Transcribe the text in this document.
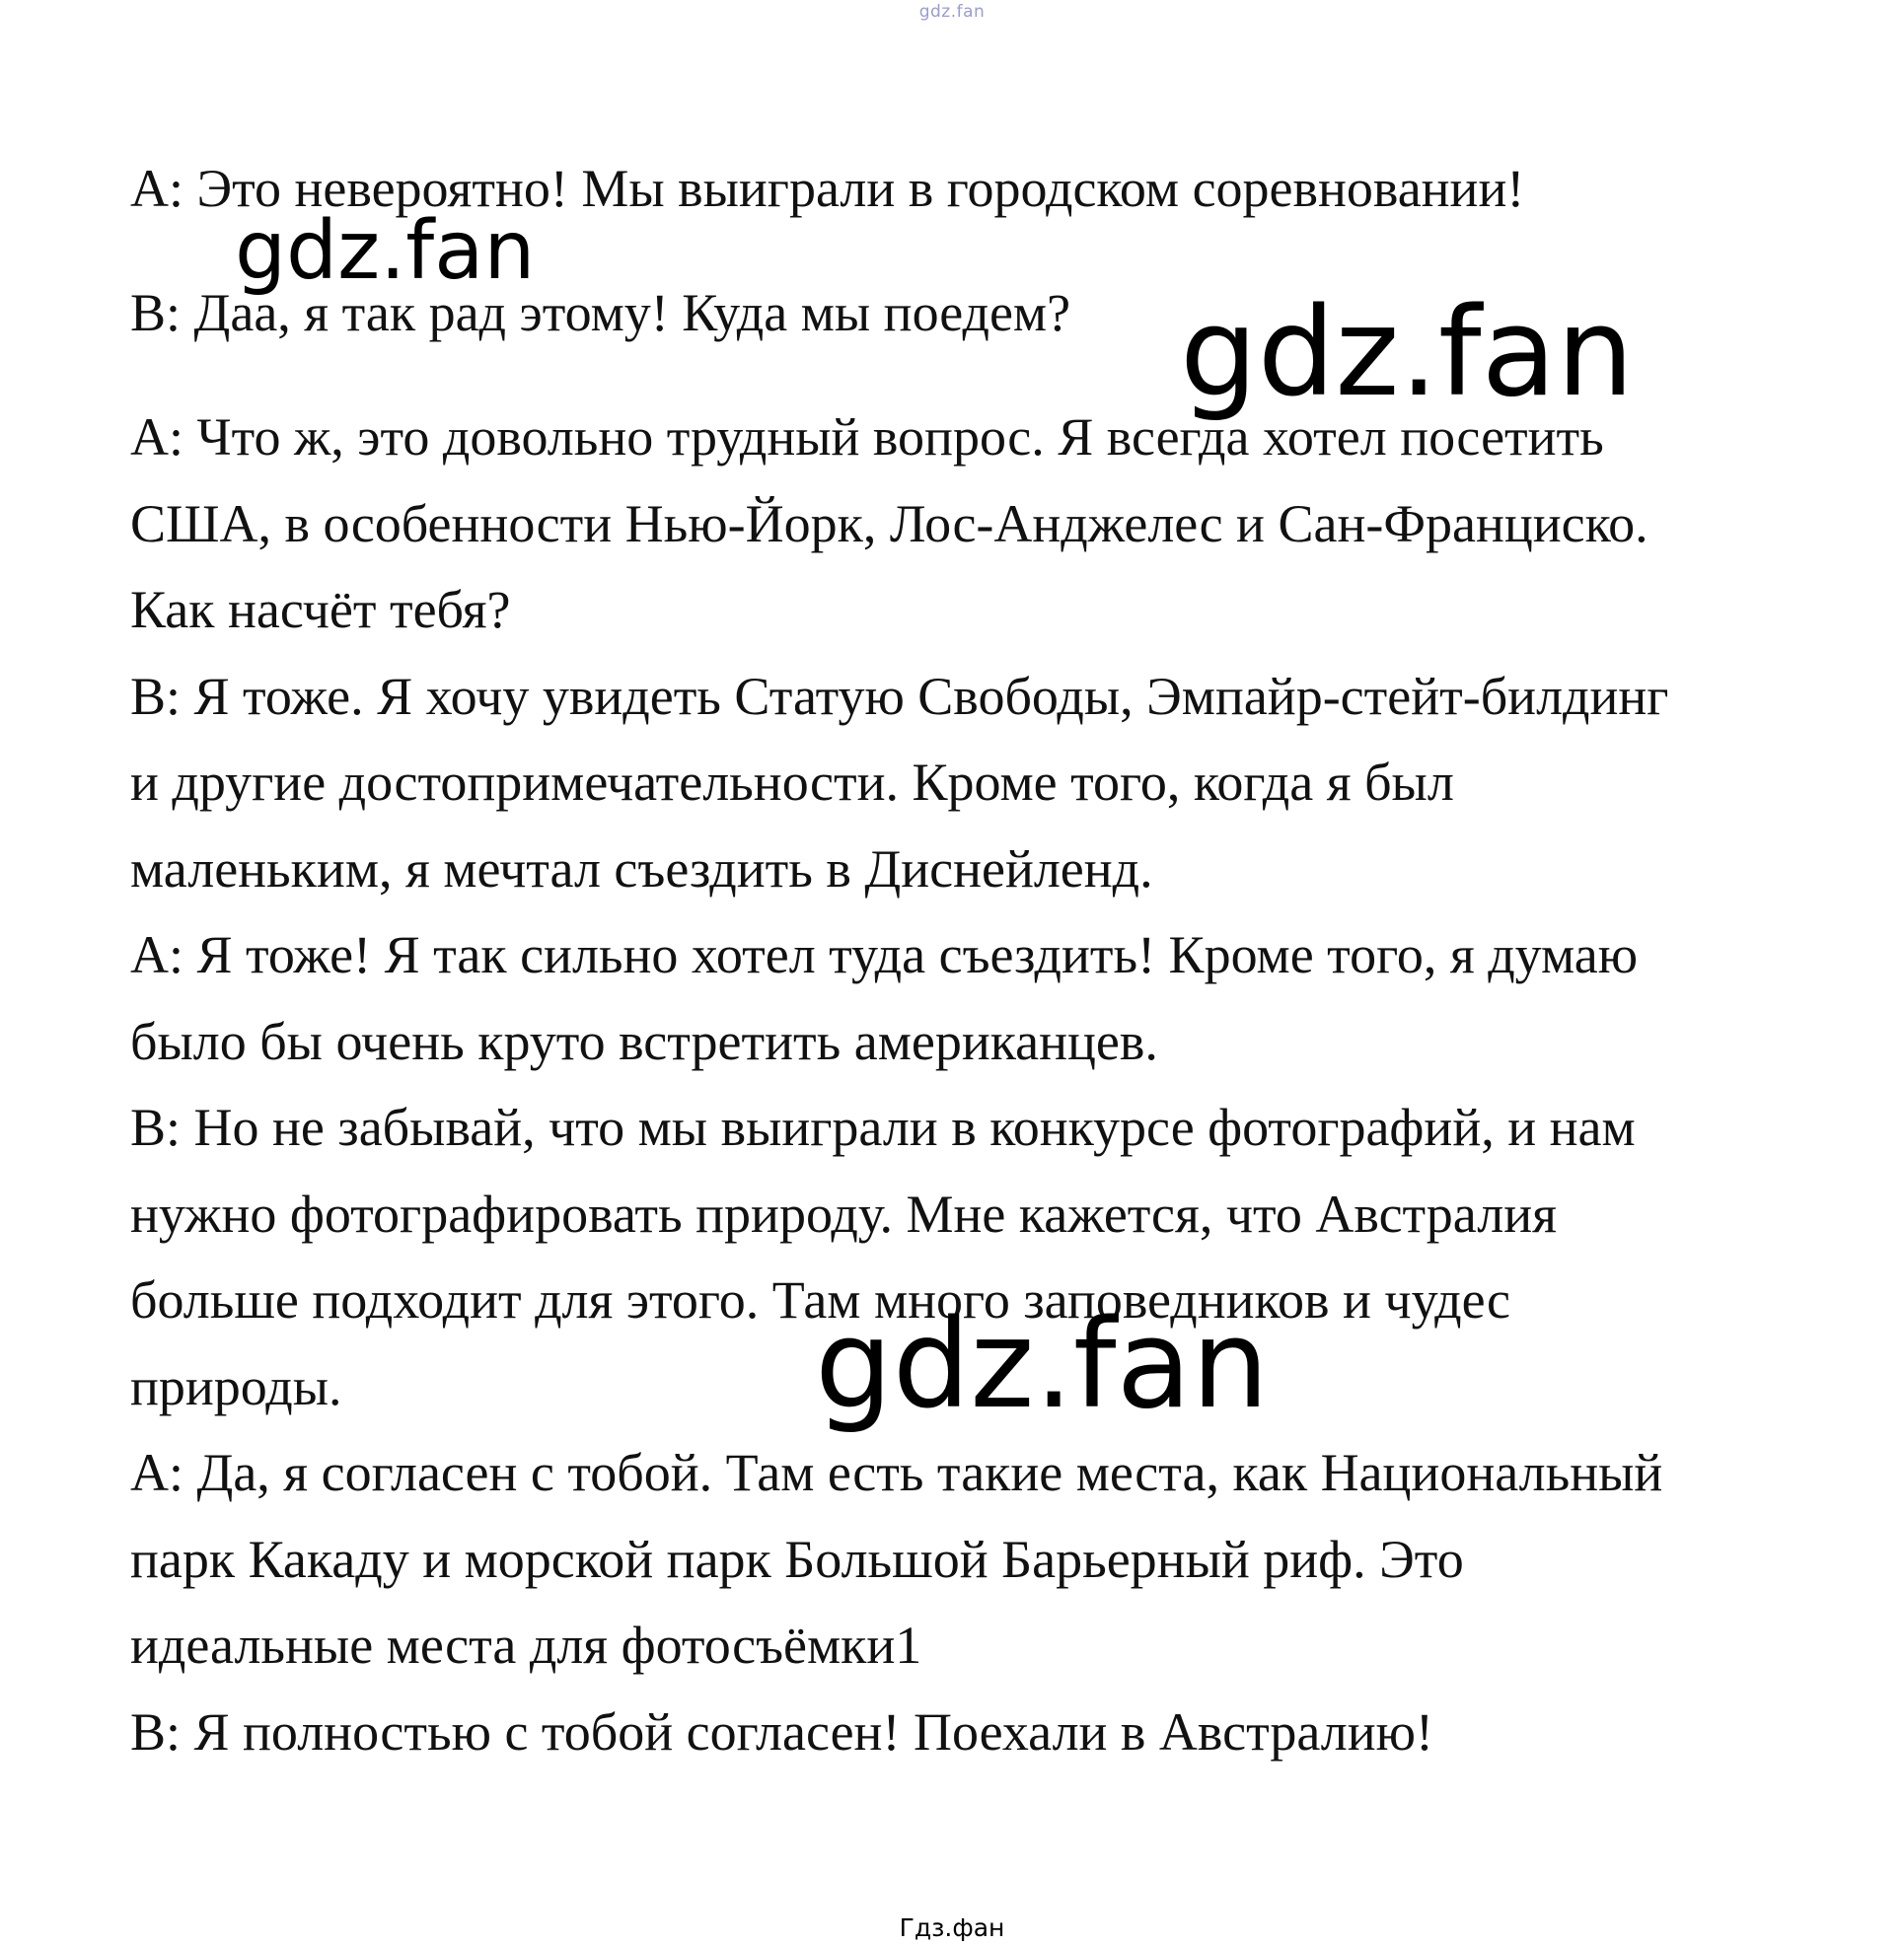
gdz.fan
А: Это невероятно! Мы выиграли в городском соревновании!
В: Даа, я так рад этому! Куда мы поедем?
А: Что ж, это довольно трудный вопрос. Я всегда хотел посетить
США, в особенности Нью-Йорк, Лос-Анджелес и Сан-Франциско.
Как насчёт тебя?
В: Я тоже. Я хочу увидеть Статую Свободы, Эмпайр-стейт-билдинг
и другие достопримечательности. Кроме того, когда я был
маленьким, я мечтал съездить в Диснейленд.
А: Я тоже! Я так сильно хотел туда съездить! Кроме того, я думаю
было бы очень круто встретить американцев.
В: Но не забывай, что мы выиграли в конкурсе фотографий, и нам
нужно фотографировать природу. Мне кажется, что Австралия
больше подходит для этого. Там много заповедников и чудес
природы.
А: Да, я согласен с тобой. Там есть такие места, как Национальный
парк Какаду и морской парк Большой Барьерный риф. Это
идеальные места для фотосъёмки1
В: Я полностью с тобой согласен! Поехали в Австралию!
gdz.fan
gdz.fan
gdz.fan
Гдз.фан
